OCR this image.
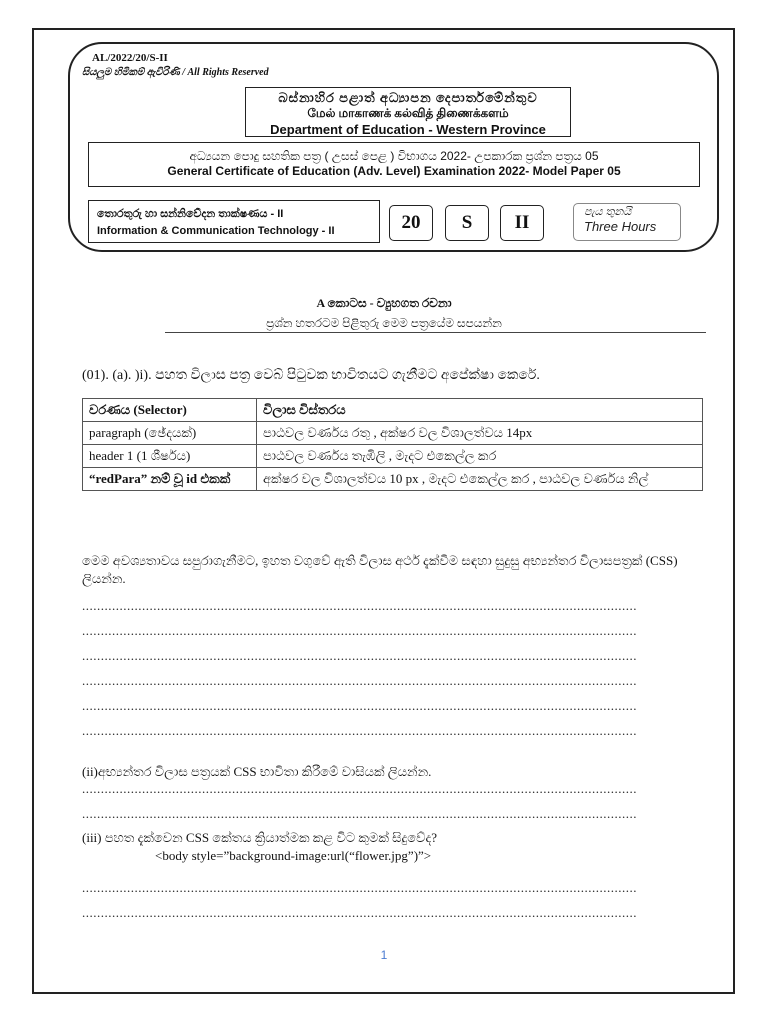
AL/2022/20/S-II
සියලුම හිමිකම් ඇවිරිණි / All Rights Reserved
බස්නාහිර පළාත් අධ්‍යාපන දෙපාර්තමේන්තුව
மேல் மாகாணக் கல்வித் திணைக்களம்
Department of Education - Western Province
අධ්‍යයන පොදු සහතික පත්‍ර ( උසස් පෙළ ) විභාගය 2022- උපකාරක ප්‍රශ්න පත්‍රය 05
General Certificate of Education (Adv. Level) Examination 2022- Model Paper 05
තොරතුරු හා සන්නිවේදන තාක්ෂණය - II
Information & Communication Technology - II	20	S	II	පැය තුනයි
Three Hours
A කොටස - ව්‍යුහගත රචනා
ප්‍රශ්න හතරටම පිළිතුරු මෙම පත්‍රයේම සපයන්න
(01). (a). )i). පහත විලාස පත්‍ර වෙබ් පිටුවක භාවිතයට ගැනීමට අපේක්ෂා කෙරේ.
වරණය (Selector)	විලාස විස්තරය
paragraph (ඡේදයක්)	පාඨවල වර්ණය රතු , අක්ෂර වල විශාලත්වය 14px
header 1 (1 ශීර්ෂය)	පාඨවල වර්ණය තැඹිලි , මැදට එකෙල්ල කර
“redPara” නම් වූ id එකක්	අක්ෂර වල විශාලත්වය 10 px , මැදට එකෙල්ල කර , පාඨවල වර්ණය නිල්
මෙම අවශ්‍යතාවය සපුරාගැනීමට, ඉහත වගුවේ ඇති විලාස අර්ථ දැක්වීම සඳහා සුදුසු අභ්‍යන්තර විලාසපත්‍රක් (CSS) ලියන්න.
....................................................................................................................................................
....................................................................................................................................................
....................................................................................................................................................
....................................................................................................................................................
....................................................................................................................................................
....................................................................................................................................................
(ii)අභ්‍යන්තර විලාස පත්‍රයක් CSS භාවිතා කිරීමේ වාසියක් ලියන්න.
....................................................................................................................................................
....................................................................................................................................................
(iii) පහත දැක්වෙන CSS කේතය ක්‍රියාත්මක කළ විට කුමක් සිදුවේද?
<body style=”background-image:url(“flower.jpg”)”>
....................................................................................................................................................
....................................................................................................................................................
1
